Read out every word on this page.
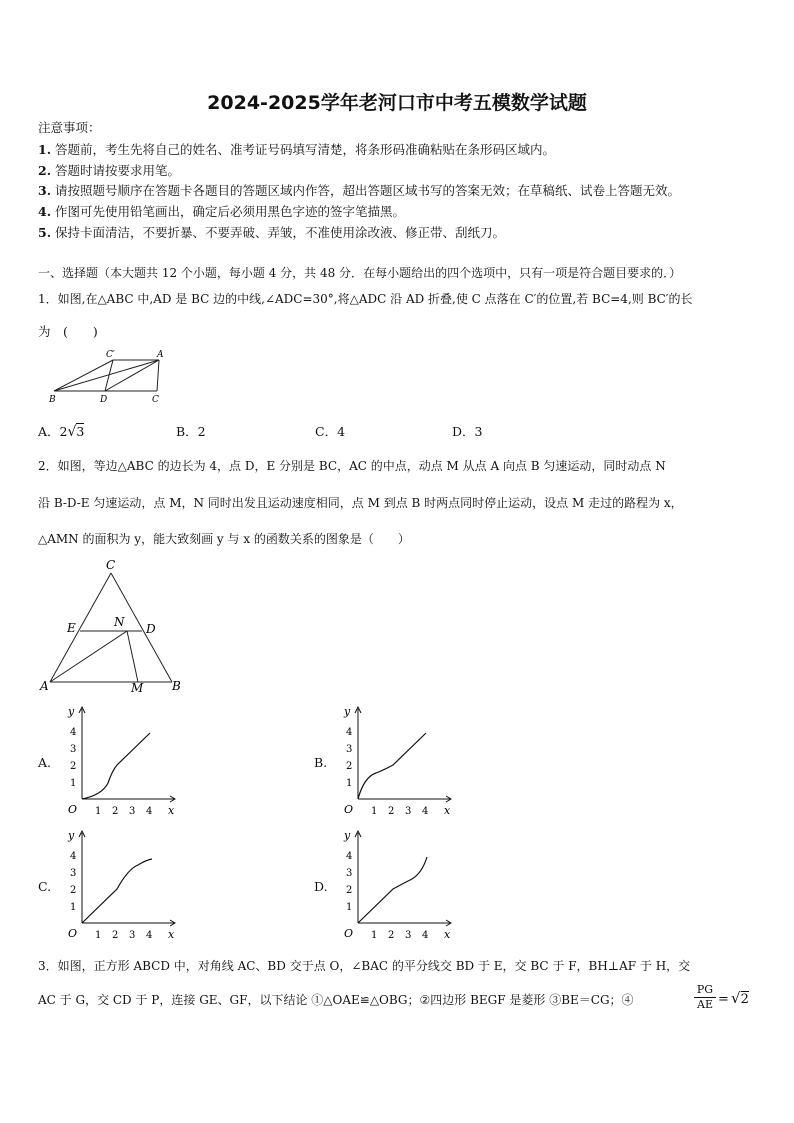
2024-2025学年老河口市中考五模数学试题
注意事项：
1. 答题前，考生先将自己的姓名、准考证号码填写清楚，将条形码准确粘贴在条形码区域内。
2. 答题时请按要求用笔。
3. 请按照题号顺序在答题卡各题目的答题区域内作答，超出答题区域书写的答案无效；在草稿纸、试卷上答题无效。
4. 作图可先使用铅笔画出，确定后必须用黑色字迹的签字笔描黑。
5. 保持卡面清洁，不要折暴、不要弄破、弄皱，不准使用涂改液、修正带、刮纸刀。
一、选择题（本大题共 12 个小题，每小题 4 分，共 48 分．在每小题给出的四个选项中，只有一项是符合题目要求的．）
1．如图,在△ABC 中,AD 是 BC 边的中线,∠ADC=30°,将△ADC 沿 AD 折叠,使 C 点落在 C′的位置,若 BC=4,则 BC′的长
为　(　　)
C′	A
B	D	C
A．2√3	B．2	C．4	D．3
2．如图，等边△ABC 的边长为 4，点 D，E 分别是 BC，AC 的中点，动点 M 从点 A 向点 B 匀速运动，同时动点 N
沿 B-D-E 匀速运动，点 M，N 同时出发且运动速度相同，点 M 到点 B 时两点同时停止运动，设点 M 走过的路程为 x，
△AMN 的面积为 y，能大致刻画 y 与 x 的函数关系的图象是（　　）
C
E	N D
A	M B
A.	B.
C.	D.
y
x
O 1 2 3 4
1
2
3
4
y
x
O 1 2 3 4
1
2
3
4
y
x
O 1 2 3 4
1
2
3
4
y
x
O 1 2 3 4
1
2
3
4
3．如图，正方形 ABCD 中，对角线 AC、BD 交于点 O，∠BAC 的平分线交 BD 于 E，交 BC 于 F，BH⊥AF 于 H，交
AC 于 G，交 CD 于 P，连接 GE、GF，以下结论 ①△OAE≌△OBG；②四边形 BEGF 是菱形 ③BE＝CG；④	$\frac{PG}{AE} = √2$
